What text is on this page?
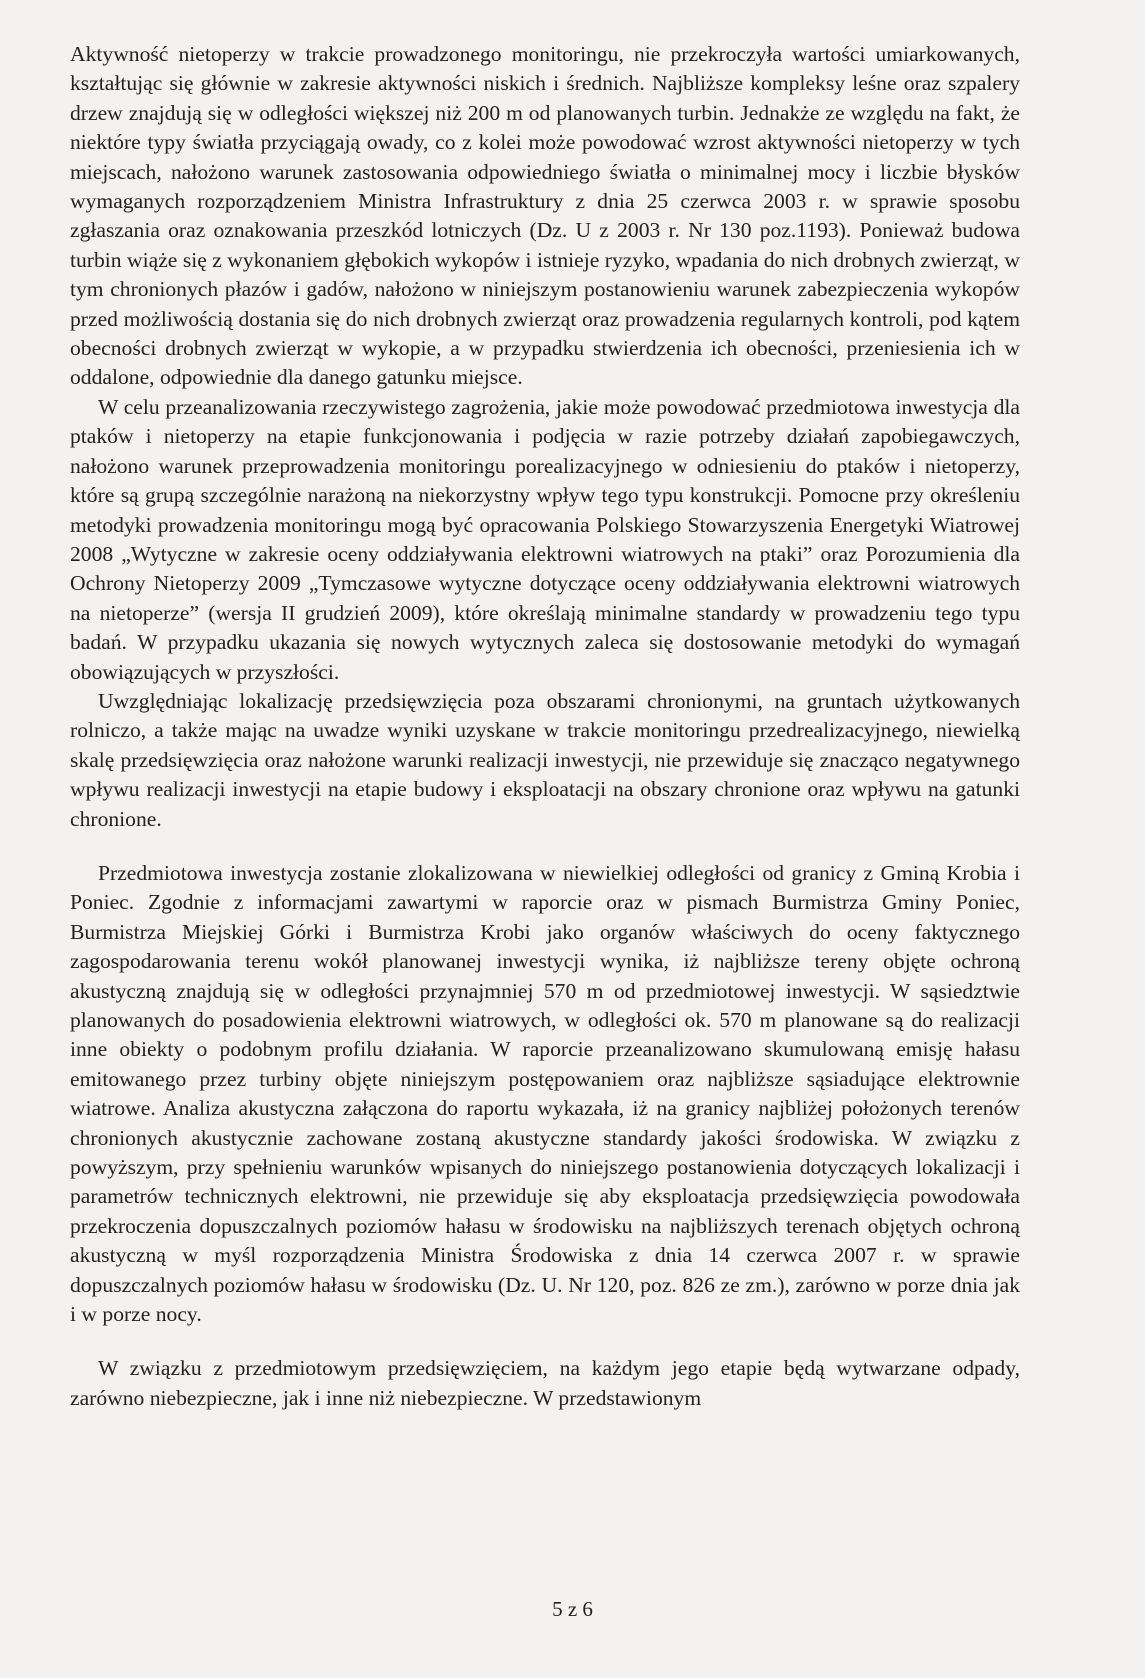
Aktywność nietoperzy w trakcie prowadzonego monitoringu, nie przekroczyła wartości umiarkowanych, kształtując się głównie w zakresie aktywności niskich i średnich. Najbliższe kompleksy leśne oraz szpalery drzew znajdują się w odległości większej niż 200 m od planowanych turbin. Jednakże ze względu na fakt, że niektóre typy światła przyciągają owady, co z kolei może powodować wzrost aktywności nietoperzy w tych miejscach, nałożono warunek zastosowania odpowiedniego światła o minimalnej mocy i liczbie błysków wymaganych rozporządzeniem Ministra Infrastruktury z dnia 25 czerwca 2003 r. w sprawie sposobu zgłaszania oraz oznakowania przeszkód lotniczych (Dz. U z 2003 r. Nr 130 poz.1193). Ponieważ budowa turbin wiąże się z wykonaniem głębokich wykopów i istnieje ryzyko, wpadania do nich drobnych zwierząt, w tym chronionych płazów i gadów, nałożono w niniejszym postanowieniu warunek zabezpieczenia wykopów przed możliwością dostania się do nich drobnych zwierząt oraz prowadzenia regularnych kontroli, pod kątem obecności drobnych zwierząt w wykopie, a w przypadku stwierdzenia ich obecności, przeniesienia ich w oddalone, odpowiednie dla danego gatunku miejsce.

W celu przeanalizowania rzeczywistego zagrożenia, jakie może powodować przedmiotowa inwestycja dla ptaków i nietoperzy na etapie funkcjonowania i podjęcia w razie potrzeby działań zapobiegawczych, nałożono warunek przeprowadzenia monitoringu porealizacyjnego w odniesieniu do ptaków i nietoperzy, które są grupą szczególnie narażoną na niekorzystny wpływ tego typu konstrukcji. Pomocne przy określeniu metodyki prowadzenia monitoringu mogą być opracowania Polskiego Stowarzyszenia Energetyki Wiatrowej 2008 „Wytyczne w zakresie oceny oddziaływania elektrowni wiatrowych na ptaki” oraz Porozumienia dla Ochrony Nietoperzy 2009 „Tymczasowe wytyczne dotyczące oceny oddziaływania elektrowni wiatrowych na nietoperze” (wersja II grudzień 2009), które określają minimalne standardy w prowadzeniu tego typu badań. W przypadku ukazania się nowych wytycznych zaleca się dostosowanie metodyki do wymagań obowiązujących w przyszłości.

Uwzględniając lokalizację przedsięwzięcia poza obszarami chronionymi, na gruntach użytkowanych rolniczo, a także mając na uwadze wyniki uzyskane w trakcie monitoringu przedrealizacyjnego, niewielką skalę przedsięwzięcia oraz nałożone warunki realizacji inwestycji, nie przewiduje się znacząco negatywnego wpływu realizacji inwestycji na etapie budowy i eksploatacji na obszary chronione oraz wpływu na gatunki chronione.

Przedmiotowa inwestycja zostanie zlokalizowana w niewielkiej odległości od granicy z Gminą Krobia i Poniec. Zgodnie z informacjami zawartymi w raporcie oraz w pismach Burmistrza Gminy Poniec, Burmistrza Miejskiej Górki i Burmistrza Krobi jako organów właściwych do oceny faktycznego zagospodarowania terenu wokół planowanej inwestycji wynika, iż najbliższe tereny objęte ochroną akustyczną znajdują się w odległości przynajmniej 570 m od przedmiotowej inwestycji. W sąsiedztwie planowanych do posadowienia elektrowni wiatrowych, w odległości ok. 570 m planowane są do realizacji inne obiekty o podobnym profilu działania. W raporcie przeanalizowano skumulowaną emisję hałasu emitowanego przez turbiny objęte niniejszym postępowaniem oraz najbliższe sąsiadujące elektrownie wiatrowe. Analiza akustyczna załączona do raportu wykazała, iż na granicy najbliżej położonych terenów chronionych akustycznie zachowane zostaną akustyczne standardy jakości środowiska. W związku z powyższym, przy spełnieniu warunków wpisanych do niniejszego postanowienia dotyczących lokalizacji i parametrów technicznych elektrowni, nie przewiduje się aby eksploatacja przedsięwzięcia powodowała przekroczenia dopuszczalnych poziomów hałasu w środowisku na najbliższych terenach objętych ochroną akustyczną w myśl rozporządzenia Ministra Środowiska z dnia 14 czerwca 2007 r. w sprawie dopuszczalnych poziomów hałasu w środowisku (Dz. U. Nr 120, poz. 826 ze zm.), zarówno w porze dnia jak i w porze nocy.

W związku z przedmiotowym przedsięwzięciem, na każdym jego etapie będą wytwarzane odpady, zarówno niebezpieczne, jak i inne niż niebezpieczne. W przedstawionym

5 z 6
